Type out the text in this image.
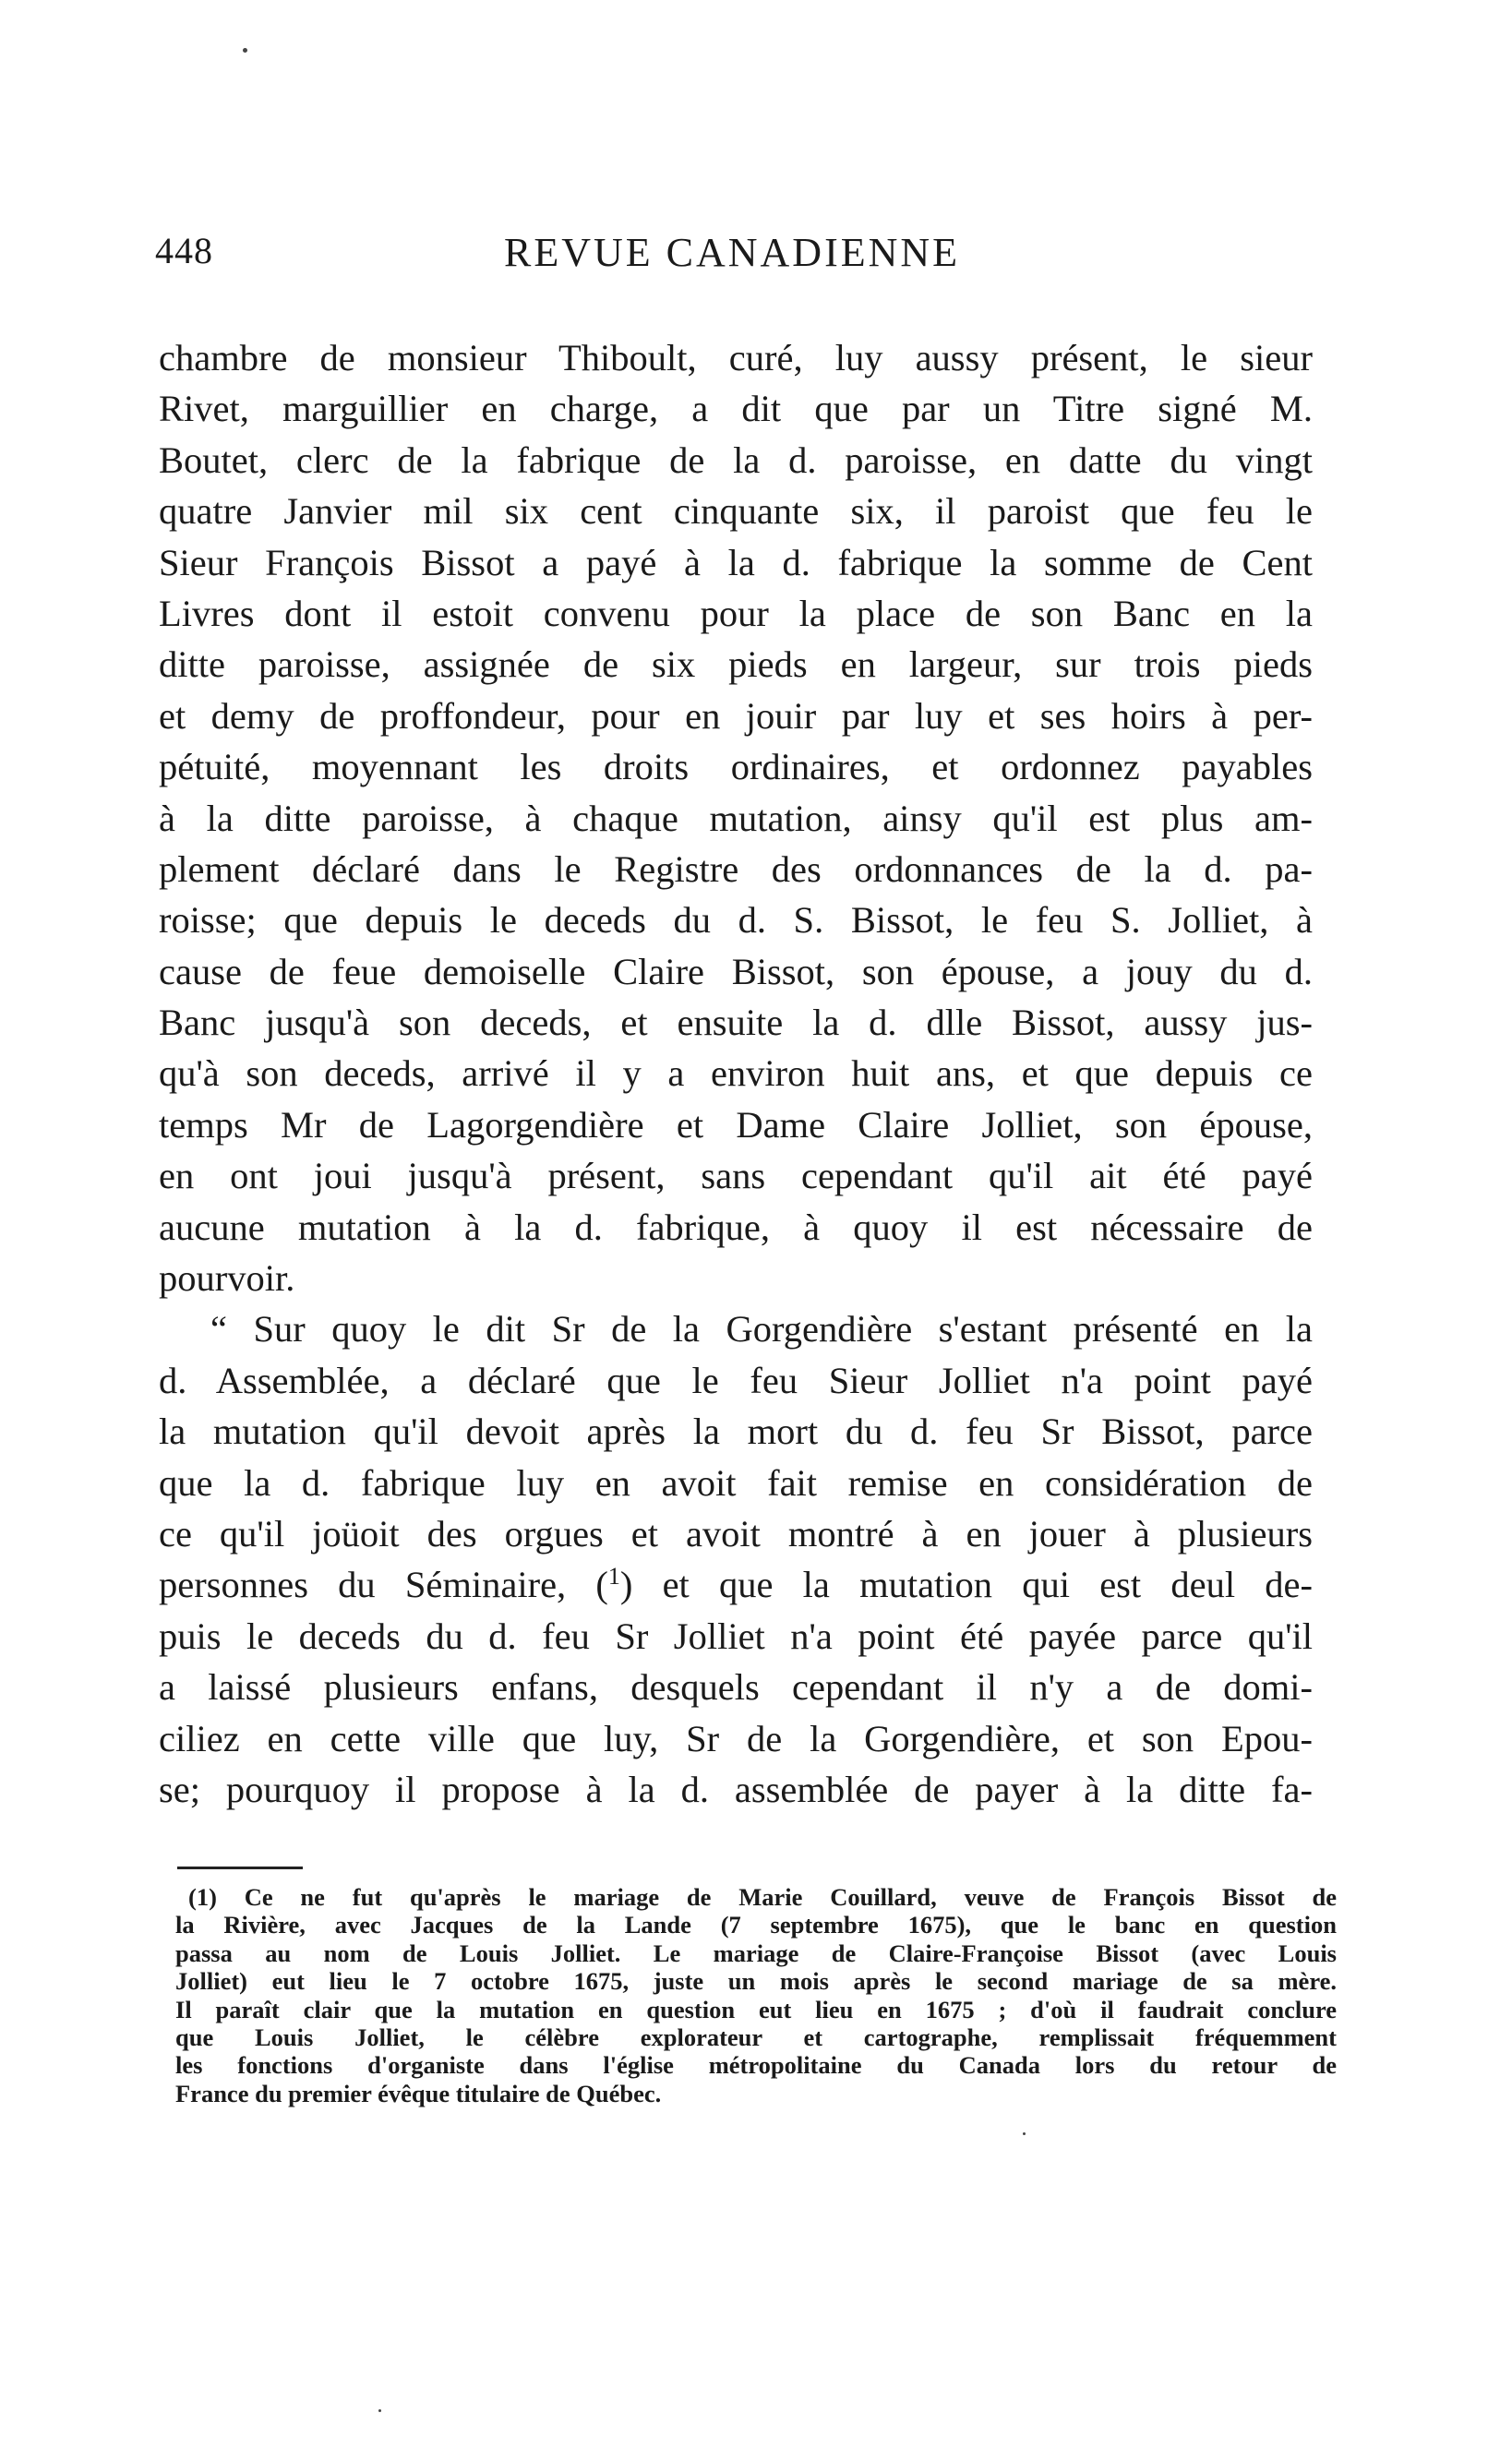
448	REVUE CANADIENNE
chambre de monsieur Thiboult, curé, luy aussy présent, le sieur
Rivet, marguillier en charge, a dit que par un Titre signé M.
Boutet, clerc de la fabrique de la d. paroisse, en datte du vingt
quatre Janvier mil six cent cinquante six, il paroist que feu le
Sieur François Bissot a payé à la d. fabrique la somme de Cent
Livres dont il estoit convenu pour la place de son Banc en la
ditte paroisse, assignée de six pieds en largeur, sur trois pieds
et demy de proffondeur, pour en jouir par luy et ses hoirs à per-
pétuité, moyennant les droits ordinaires, et ordonnez payables
à la ditte paroisse, à chaque mutation, ainsy qu'il est plus am-
plement déclaré dans le Registre des ordonnances de la d. pa-
roisse; que depuis le deceds du d. S. Bissot, le feu S. Jolliet, à
cause de feue demoiselle Claire Bissot, son épouse, a jouy du d.
Banc jusqu'à son deceds, et ensuite la d. dlle Bissot, aussy jus-
qu'à son deceds, arrivé il y a environ huit ans, et que depuis ce
temps Mr de Lagorgendière et Dame Claire Jolliet, son épouse,
en ont joui jusqu'à présent, sans cependant qu'il ait été payé
aucune mutation à la d. fabrique, à quoy il est nécessaire de
pourvoir.
“ Sur quoy le dit Sr de la Gorgendière s'estant présenté en la
d. Assemblée, a déclaré que le feu Sieur Jolliet n'a point payé
la mutation qu'il devoit après la mort du d. feu Sr Bissot, parce
que la d. fabrique luy en avoit fait remise en considération de
ce qu'il joüoit des orgues et avoit montré à en jouer à plusieurs
personnes du Séminaire, ($^1$) et que la mutation qui est deul de-
puis le deceds du d. feu Sr Jolliet n'a point été payée parce qu'il
a laissé plusieurs enfans, desquels cependant il n'y a de domi-
ciliez en cette ville que luy, Sr de la Gorgendière, et son Epou-
se; pourquoy il propose à la d. assemblée de payer à la ditte fa-
(1) Ce ne fut qu'après le mariage de Marie Couillard, veuve de François Bissot de
la Rivière, avec Jacques de la Lande (7 septembre 1675), que le banc en question
passa au nom de Louis Jolliet. Le mariage de Claire-Françoise Bissot (avec Louis
Jolliet) eut lieu le 7 octobre 1675, juste un mois après le second mariage de sa mère.
Il paraît clair que la mutation en question eut lieu en 1675 ; d'où il faudrait conclure
que Louis Jolliet, le célèbre explorateur et cartographe, remplissait fréquemment
les fonctions d'organiste dans l'église métropolitaine du Canada lors du retour de
France du premier évêque titulaire de Québec.
